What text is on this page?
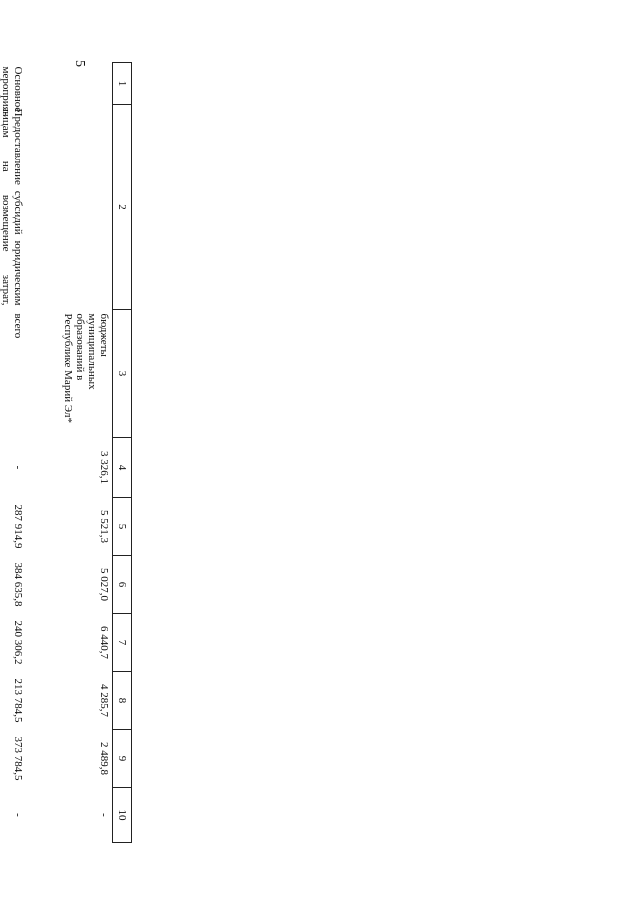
5
1	2	3	4	5	6	7	8	9	10
		бюджеты муниципальных образований в Республике Марий Эл*	3 326,1	5 521,3	5 027,0	6 440,7	4 285,7	2 489,8	-
Основное мероприя-	Предоставление субсидий юридическим лицам на возмещение затрат,	всего	-	287 914,9	384 635,8	240 306,2	213 784,5	373 784,5	-
